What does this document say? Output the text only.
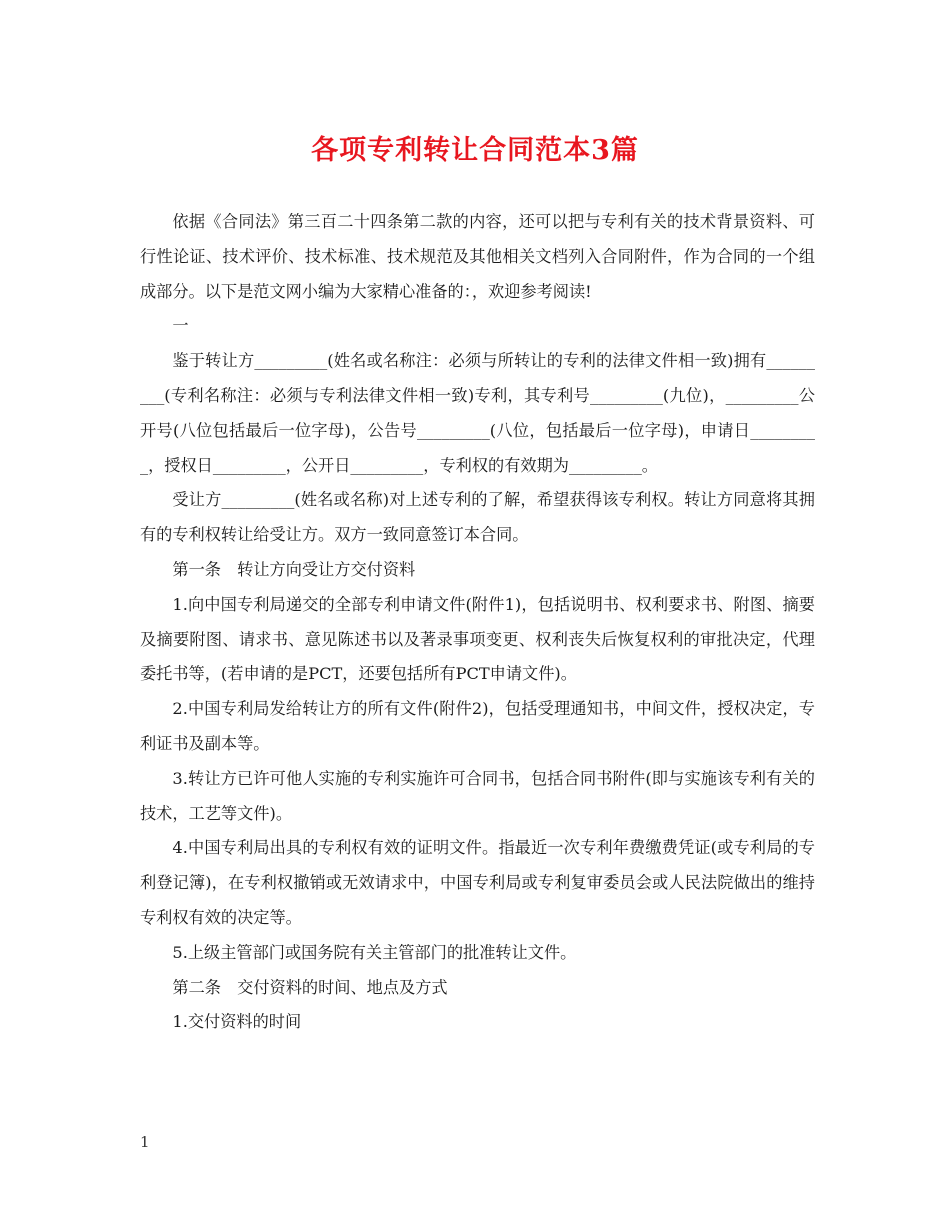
各项专利转让合同范本3篇

依据《合同法》第三百二十四条第二款的内容，还可以把与专利有关的技术背景资料、可行性论证、技术评价、技术标准、技术规范及其他相关文档列入合同附件，作为合同的一个组成部分。以下是范文网小编为大家精心准备的：，欢迎参考阅读!

一

鉴于转让方_________(姓名或名称注：必须与所转让的专利的法律文件相一致)拥有_________(专利名称注：必须与专利法律文件相一致)专利，其专利号_________(九位)，_________公开号(八位包括最后一位字母)，公告号_________(八位，包括最后一位字母)，申请日_________，授权日_________，公开日_________，专利权的有效期为_________。

受让方_________(姓名或名称)对上述专利的了解，希望获得该专利权。转让方同意将其拥有的专利权转让给受让方。双方一致同意签订本合同。

第一条　转让方向受让方交付资料

1.向中国专利局递交的全部专利申请文件(附件1)，包括说明书、权利要求书、附图、摘要及摘要附图、请求书、意见陈述书以及著录事项变更、权利丧失后恢复权利的审批决定，代理委托书等，(若申请的是PCT，还要包括所有PCT申请文件)。

2.中国专利局发给转让方的所有文件(附件2)，包括受理通知书，中间文件，授权决定，专利证书及副本等。

3.转让方已许可他人实施的专利实施许可合同书，包括合同书附件(即与实施该专利有关的技术，工艺等文件)。

4.中国专利局出具的专利权有效的证明文件。指最近一次专利年费缴费凭证(或专利局的专利登记簿)，在专利权撤销或无效请求中，中国专利局或专利复审委员会或人民法院做出的维持专利权有效的决定等。

5.上级主管部门或国务院有关主管部门的批准转让文件。

第二条　交付资料的时间、地点及方式

1.交付资料的时间

1
